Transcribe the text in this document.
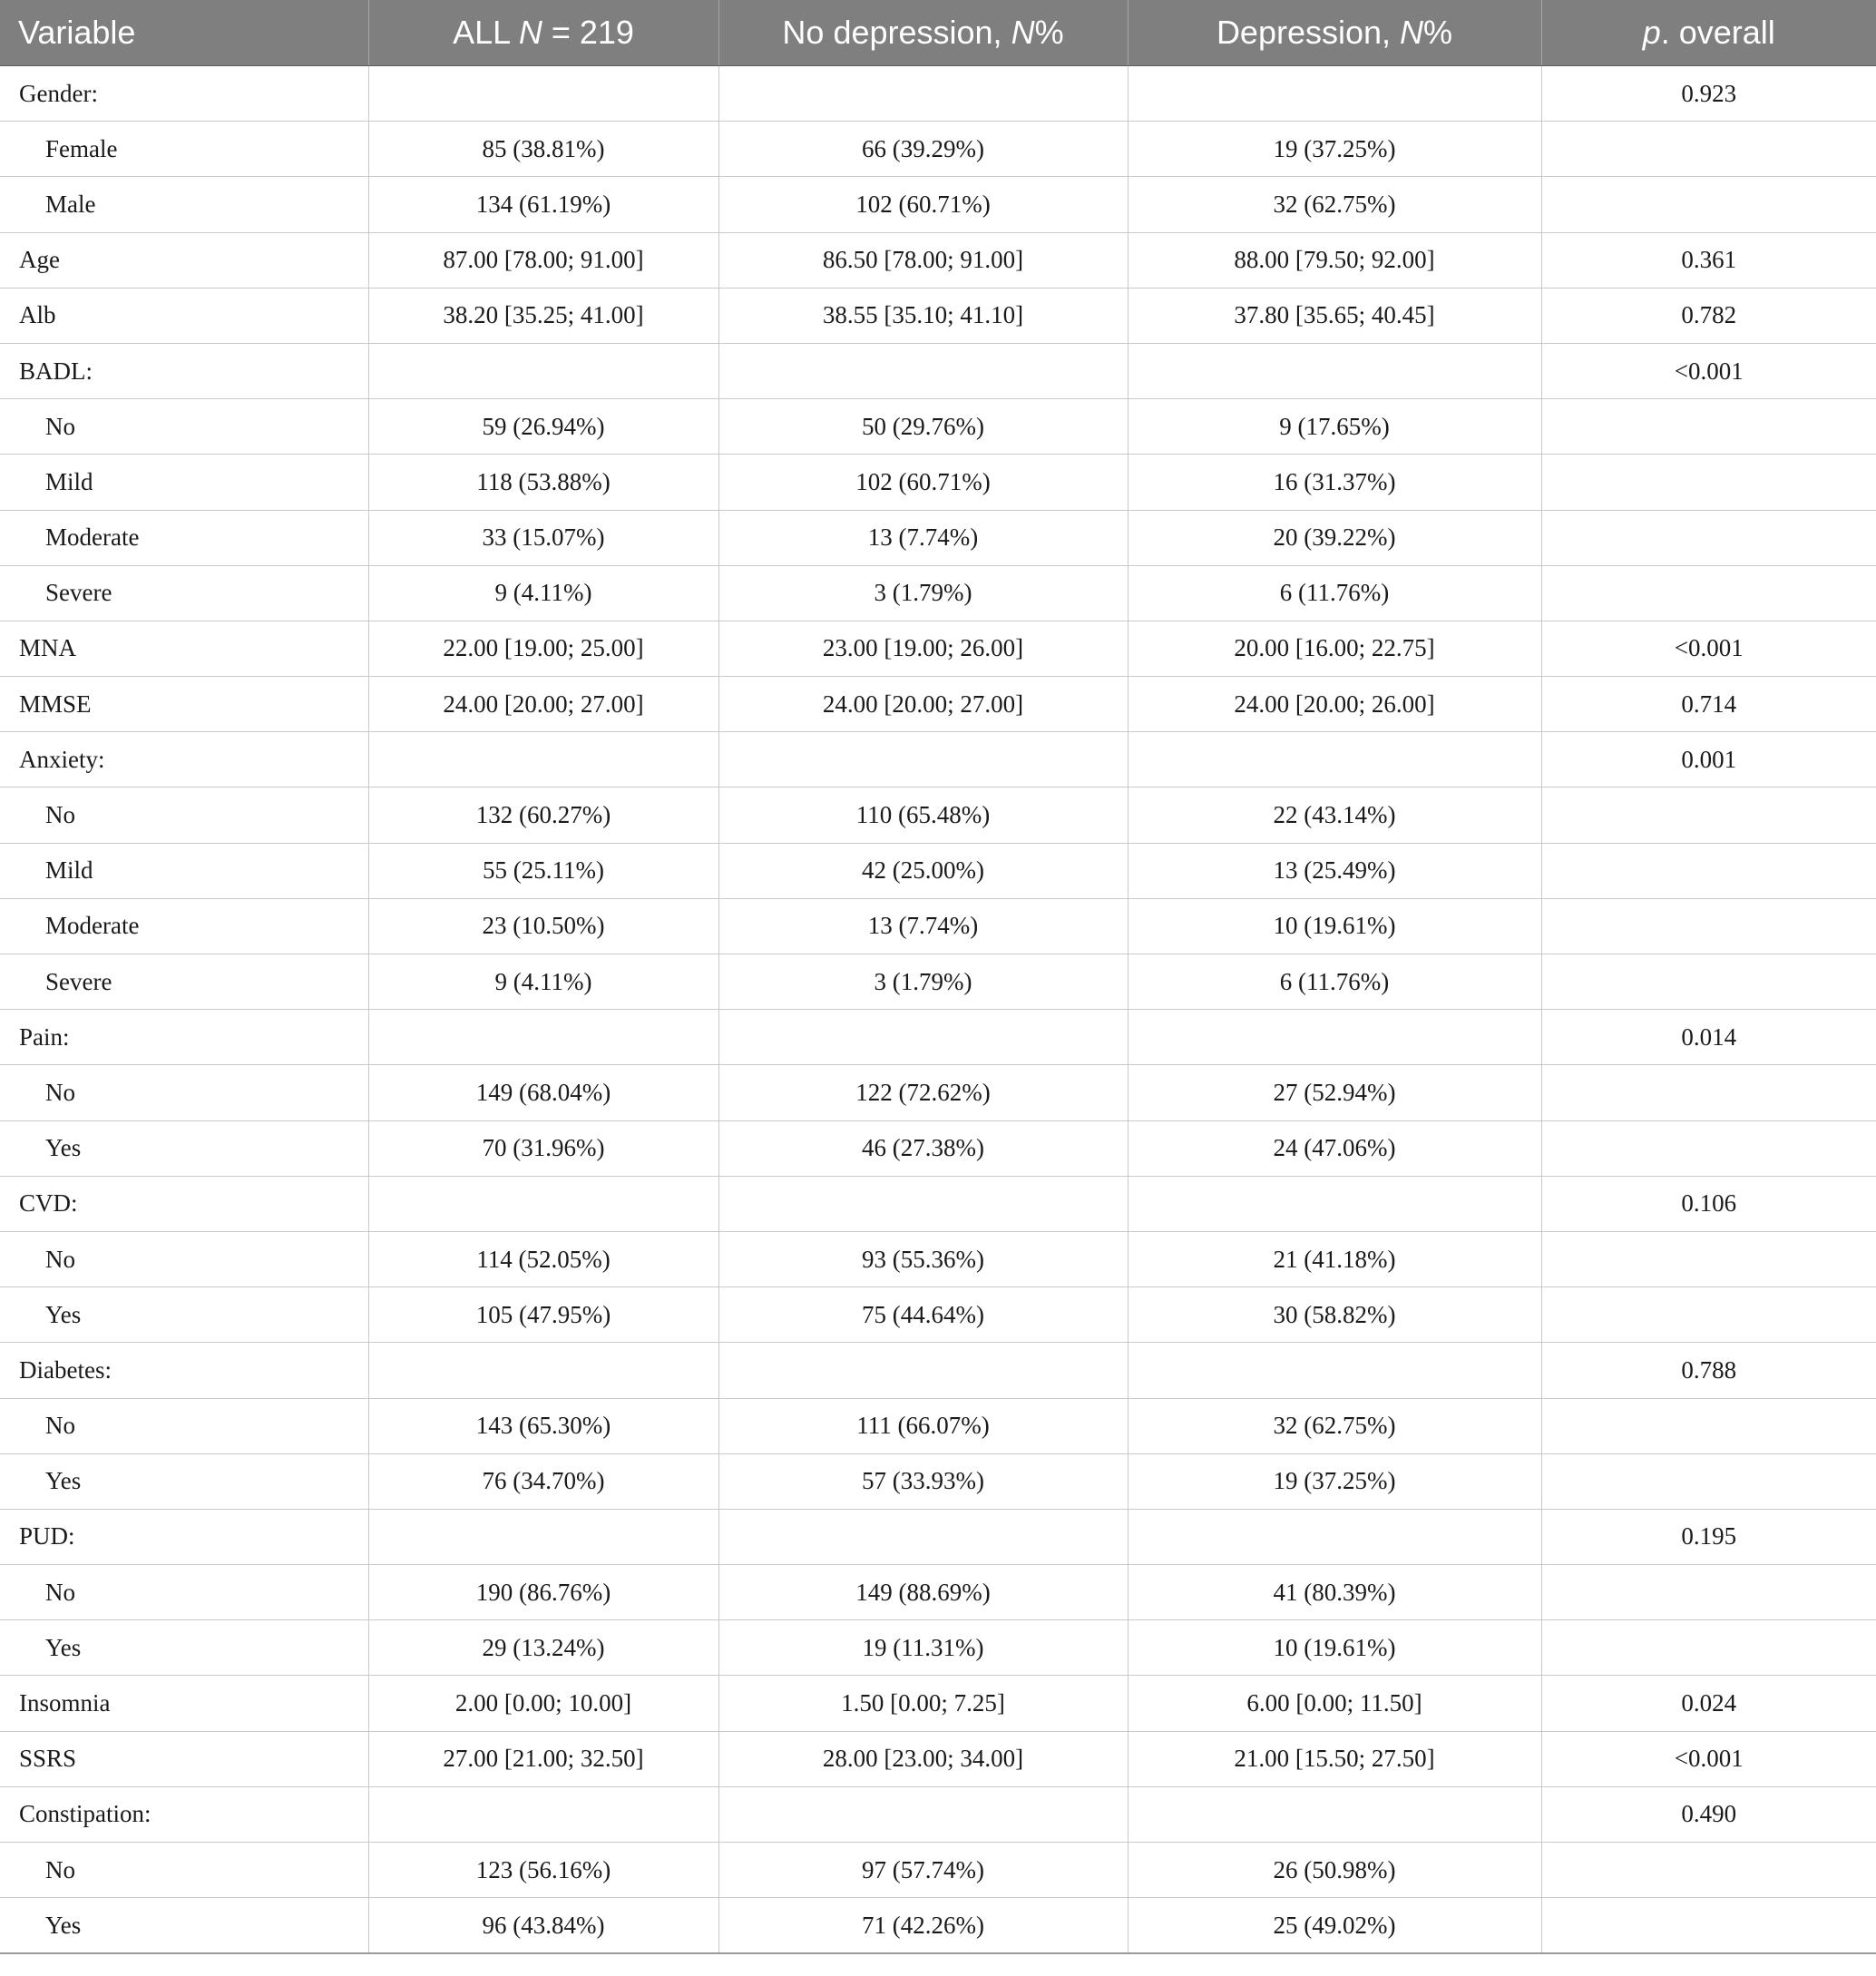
Variable	ALL N = 219	No depression, N%	Depression, N%	p. overall
Gender:				0.923
Female	85 (38.81%)	66 (39.29%)	19 (37.25%)	
Male	134 (61.19%)	102 (60.71%)	32 (62.75%)	
Age	87.00 [78.00; 91.00]	86.50 [78.00; 91.00]	88.00 [79.50; 92.00]	0.361
Alb	38.20 [35.25; 41.00]	38.55 [35.10; 41.10]	37.80 [35.65; 40.45]	0.782
BADL:				<0.001
No	59 (26.94%)	50 (29.76%)	9 (17.65%)	
Mild	118 (53.88%)	102 (60.71%)	16 (31.37%)	
Moderate	33 (15.07%)	13 (7.74%)	20 (39.22%)	
Severe	9 (4.11%)	3 (1.79%)	6 (11.76%)	
MNA	22.00 [19.00; 25.00]	23.00 [19.00; 26.00]	20.00 [16.00; 22.75]	<0.001
MMSE	24.00 [20.00; 27.00]	24.00 [20.00; 27.00]	24.00 [20.00; 26.00]	0.714
Anxiety:				0.001
No	132 (60.27%)	110 (65.48%)	22 (43.14%)	
Mild	55 (25.11%)	42 (25.00%)	13 (25.49%)	
Moderate	23 (10.50%)	13 (7.74%)	10 (19.61%)	
Severe	9 (4.11%)	3 (1.79%)	6 (11.76%)	
Pain:				0.014
No	149 (68.04%)	122 (72.62%)	27 (52.94%)	
Yes	70 (31.96%)	46 (27.38%)	24 (47.06%)	
CVD:				0.106
No	114 (52.05%)	93 (55.36%)	21 (41.18%)	
Yes	105 (47.95%)	75 (44.64%)	30 (58.82%)	
Diabetes:				0.788
No	143 (65.30%)	111 (66.07%)	32 (62.75%)	
Yes	76 (34.70%)	57 (33.93%)	19 (37.25%)	
PUD:				0.195
No	190 (86.76%)	149 (88.69%)	41 (80.39%)	
Yes	29 (13.24%)	19 (11.31%)	10 (19.61%)	
Insomnia	2.00 [0.00; 10.00]	1.50 [0.00; 7.25]	6.00 [0.00; 11.50]	0.024
SSRS	27.00 [21.00; 32.50]	28.00 [23.00; 34.00]	21.00 [15.50; 27.50]	<0.001
Constipation:				0.490
No	123 (56.16%)	97 (57.74%)	26 (50.98%)	
Yes	96 (43.84%)	71 (42.26%)	25 (49.02%)	
